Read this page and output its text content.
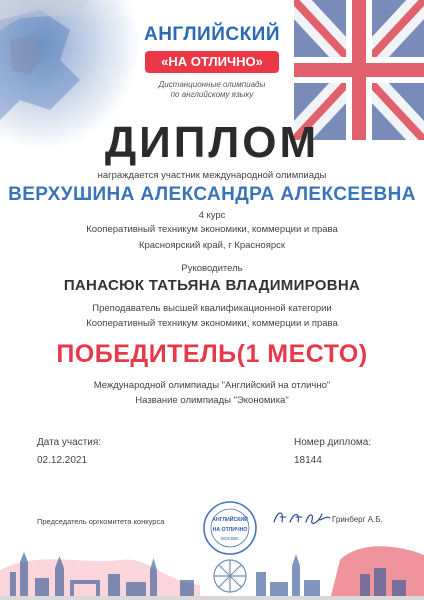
АНГЛИЙСКИЙ
«НА ОТЛИЧНО»
Дистанционные олимпиады
по английскому языку
ДИПЛОМ
награждается участник международной олимпиады
ВЕРХУШИНА АЛЕКСАНДРА АЛЕКСЕЕВНА
4 курс
Кооперативный техникум экономики, коммерции и права
Красноярский край, г Красноярск
Руководитель
ПАНАСЮК ТАТЬЯНА ВЛАДИМИРОВНА
Преподаватель высшей квалификационной категории
Кооперативный техникум экономики, коммерции и права
ПОБЕДИТЕЛЬ(1 МЕСТО)
Международной олимпиады "Английский на отлично"
Название олимпиады "Экономика"
Дата участия:
02.12.2021
Номер диплома:
18144
Председатель оргкомитета конкурса	АНГЛИЙСКИЙ
НА ОТЛИЧНО
МОСКВА
Гринберг А.Б.
